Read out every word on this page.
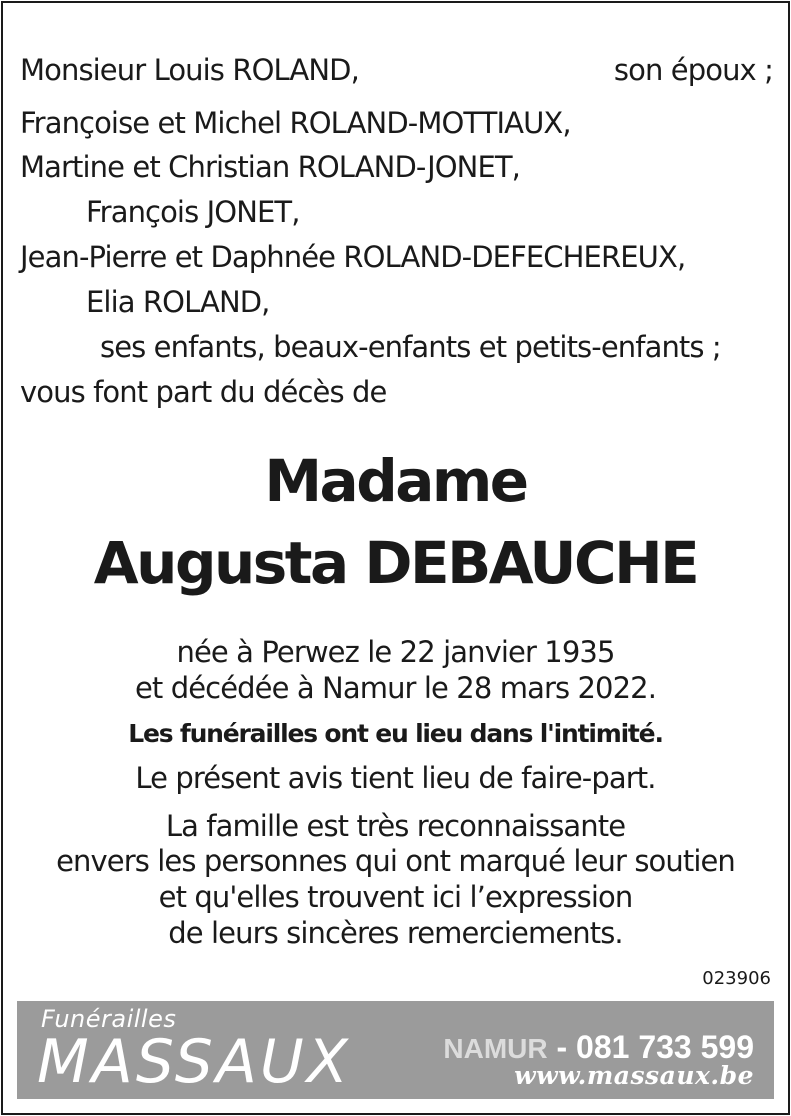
Monsieur Louis ROLAND,	son époux ;
Françoise et Michel ROLAND-MOTTIAUX,
Martine et Christian ROLAND-JONET,
François JONET,
Jean-Pierre et Daphnée ROLAND-DEFECHEREUX,
Elia ROLAND,
ses enfants, beaux-enfants et petits-enfants ;
vous font part du décès de
Madame
Augusta DEBAUCHE
née à Perwez le 22 janvier 1935
et décédée à Namur le 28 mars 2022.
Les funérailles ont eu lieu dans l'intimité.
Le présent avis tient lieu de faire-part.
La famille est très reconnaissante
envers les personnes qui ont marqué leur soutien
et qu'elles trouvent ici l’expression
de leurs sincères remerciements.
023906
Funérailles
MASSAUX	NAMUR - 081 733 599
www.massaux.be
